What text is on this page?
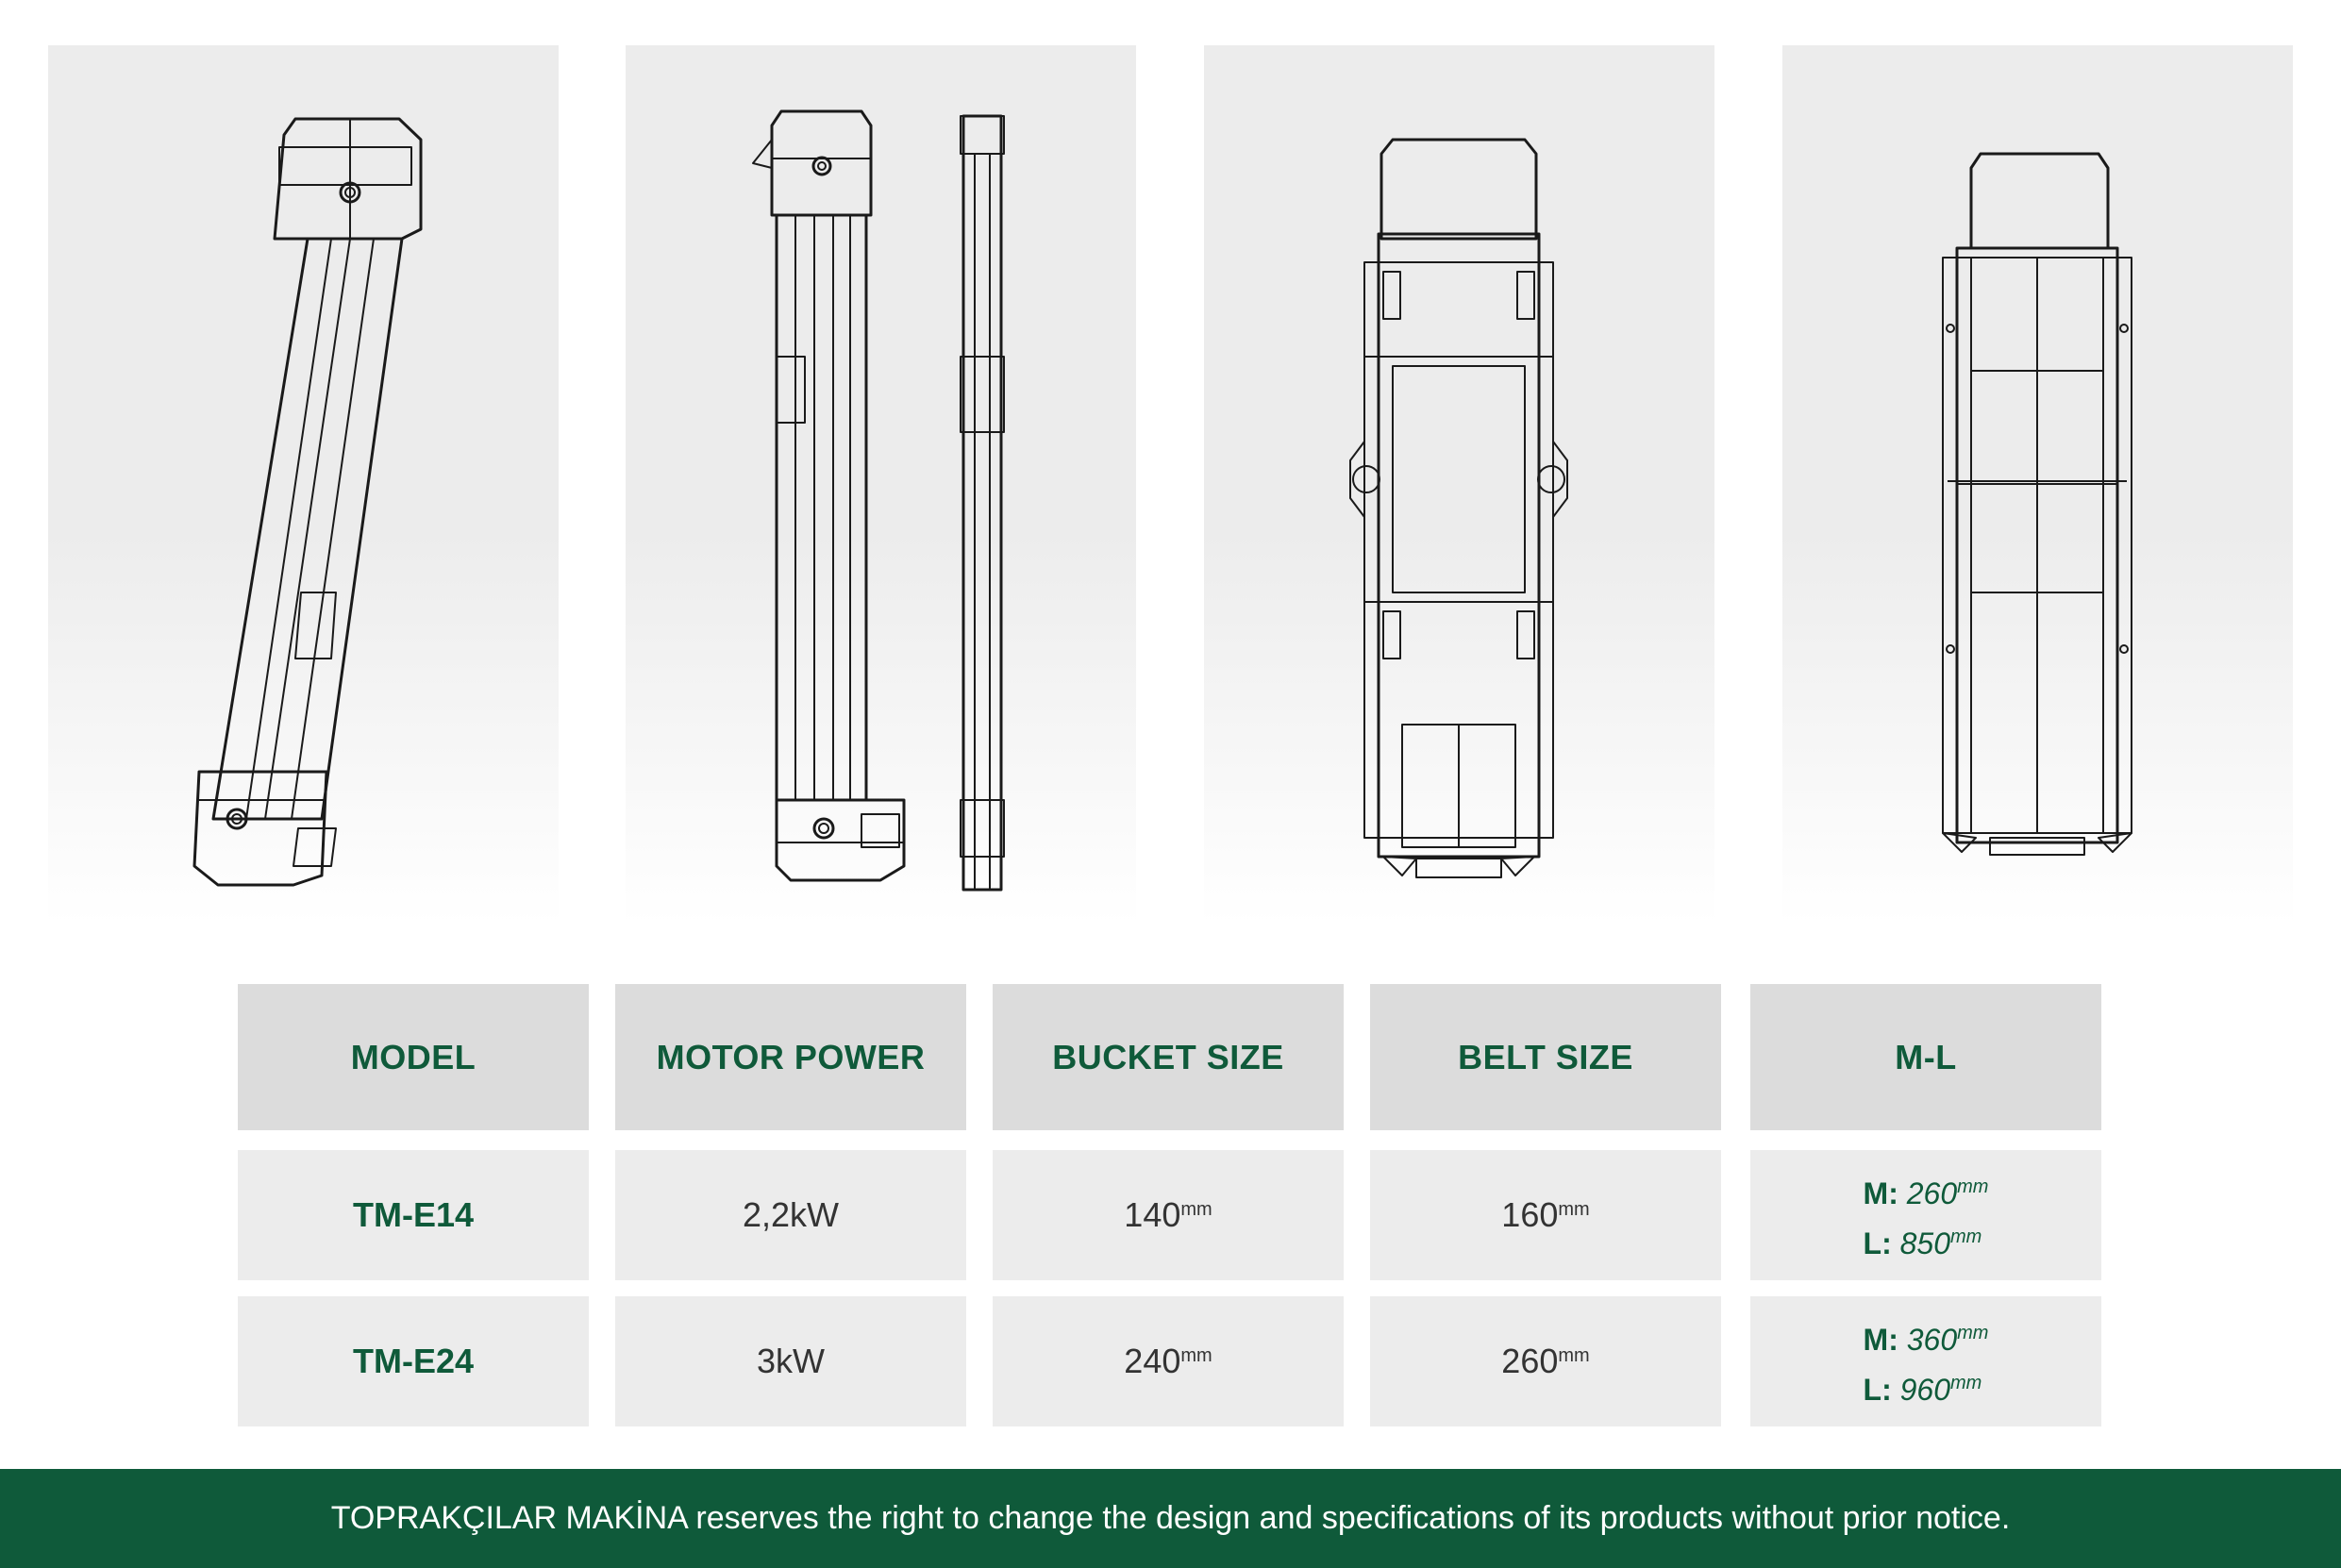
MODEL	MOTOR POWER	BUCKET SIZE	BELT SIZE	M-L
TM-E14	2,2kW	$140^{mm}$	$160^{mm}$	M: $260^{mm}$
L: $850^{mm}$
TM-E24	3kW	$240^{mm}$	$260^{mm}$	M: $360^{mm}$
L: $960^{mm}$
TOPRAKÇILAR MAKİNA reserves the right to change the design and specifications of its products without prior notice.
